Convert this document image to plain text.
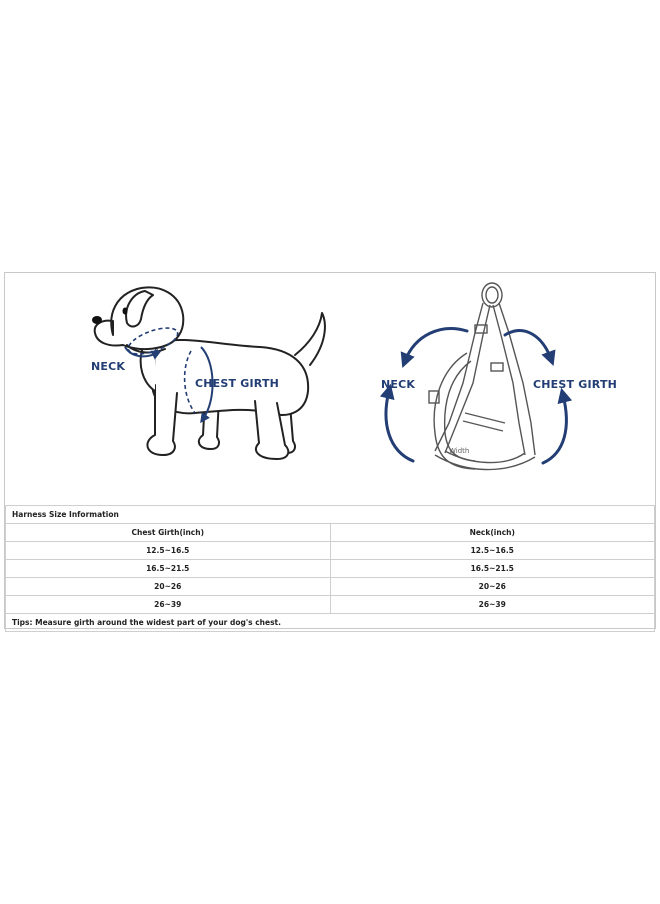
NECK
CHEST GIRTH	NECK	CHEST GIRTH
Width
Harness Size Information	
Chest Girth(inch)	Neck(inch)
12.5~16.5	12.5~16.5
16.5~21.5	16.5~21.5
20~26	20~26
26~39	26~39
Tips: Measure girth around the widest part of your dog's chest.	
